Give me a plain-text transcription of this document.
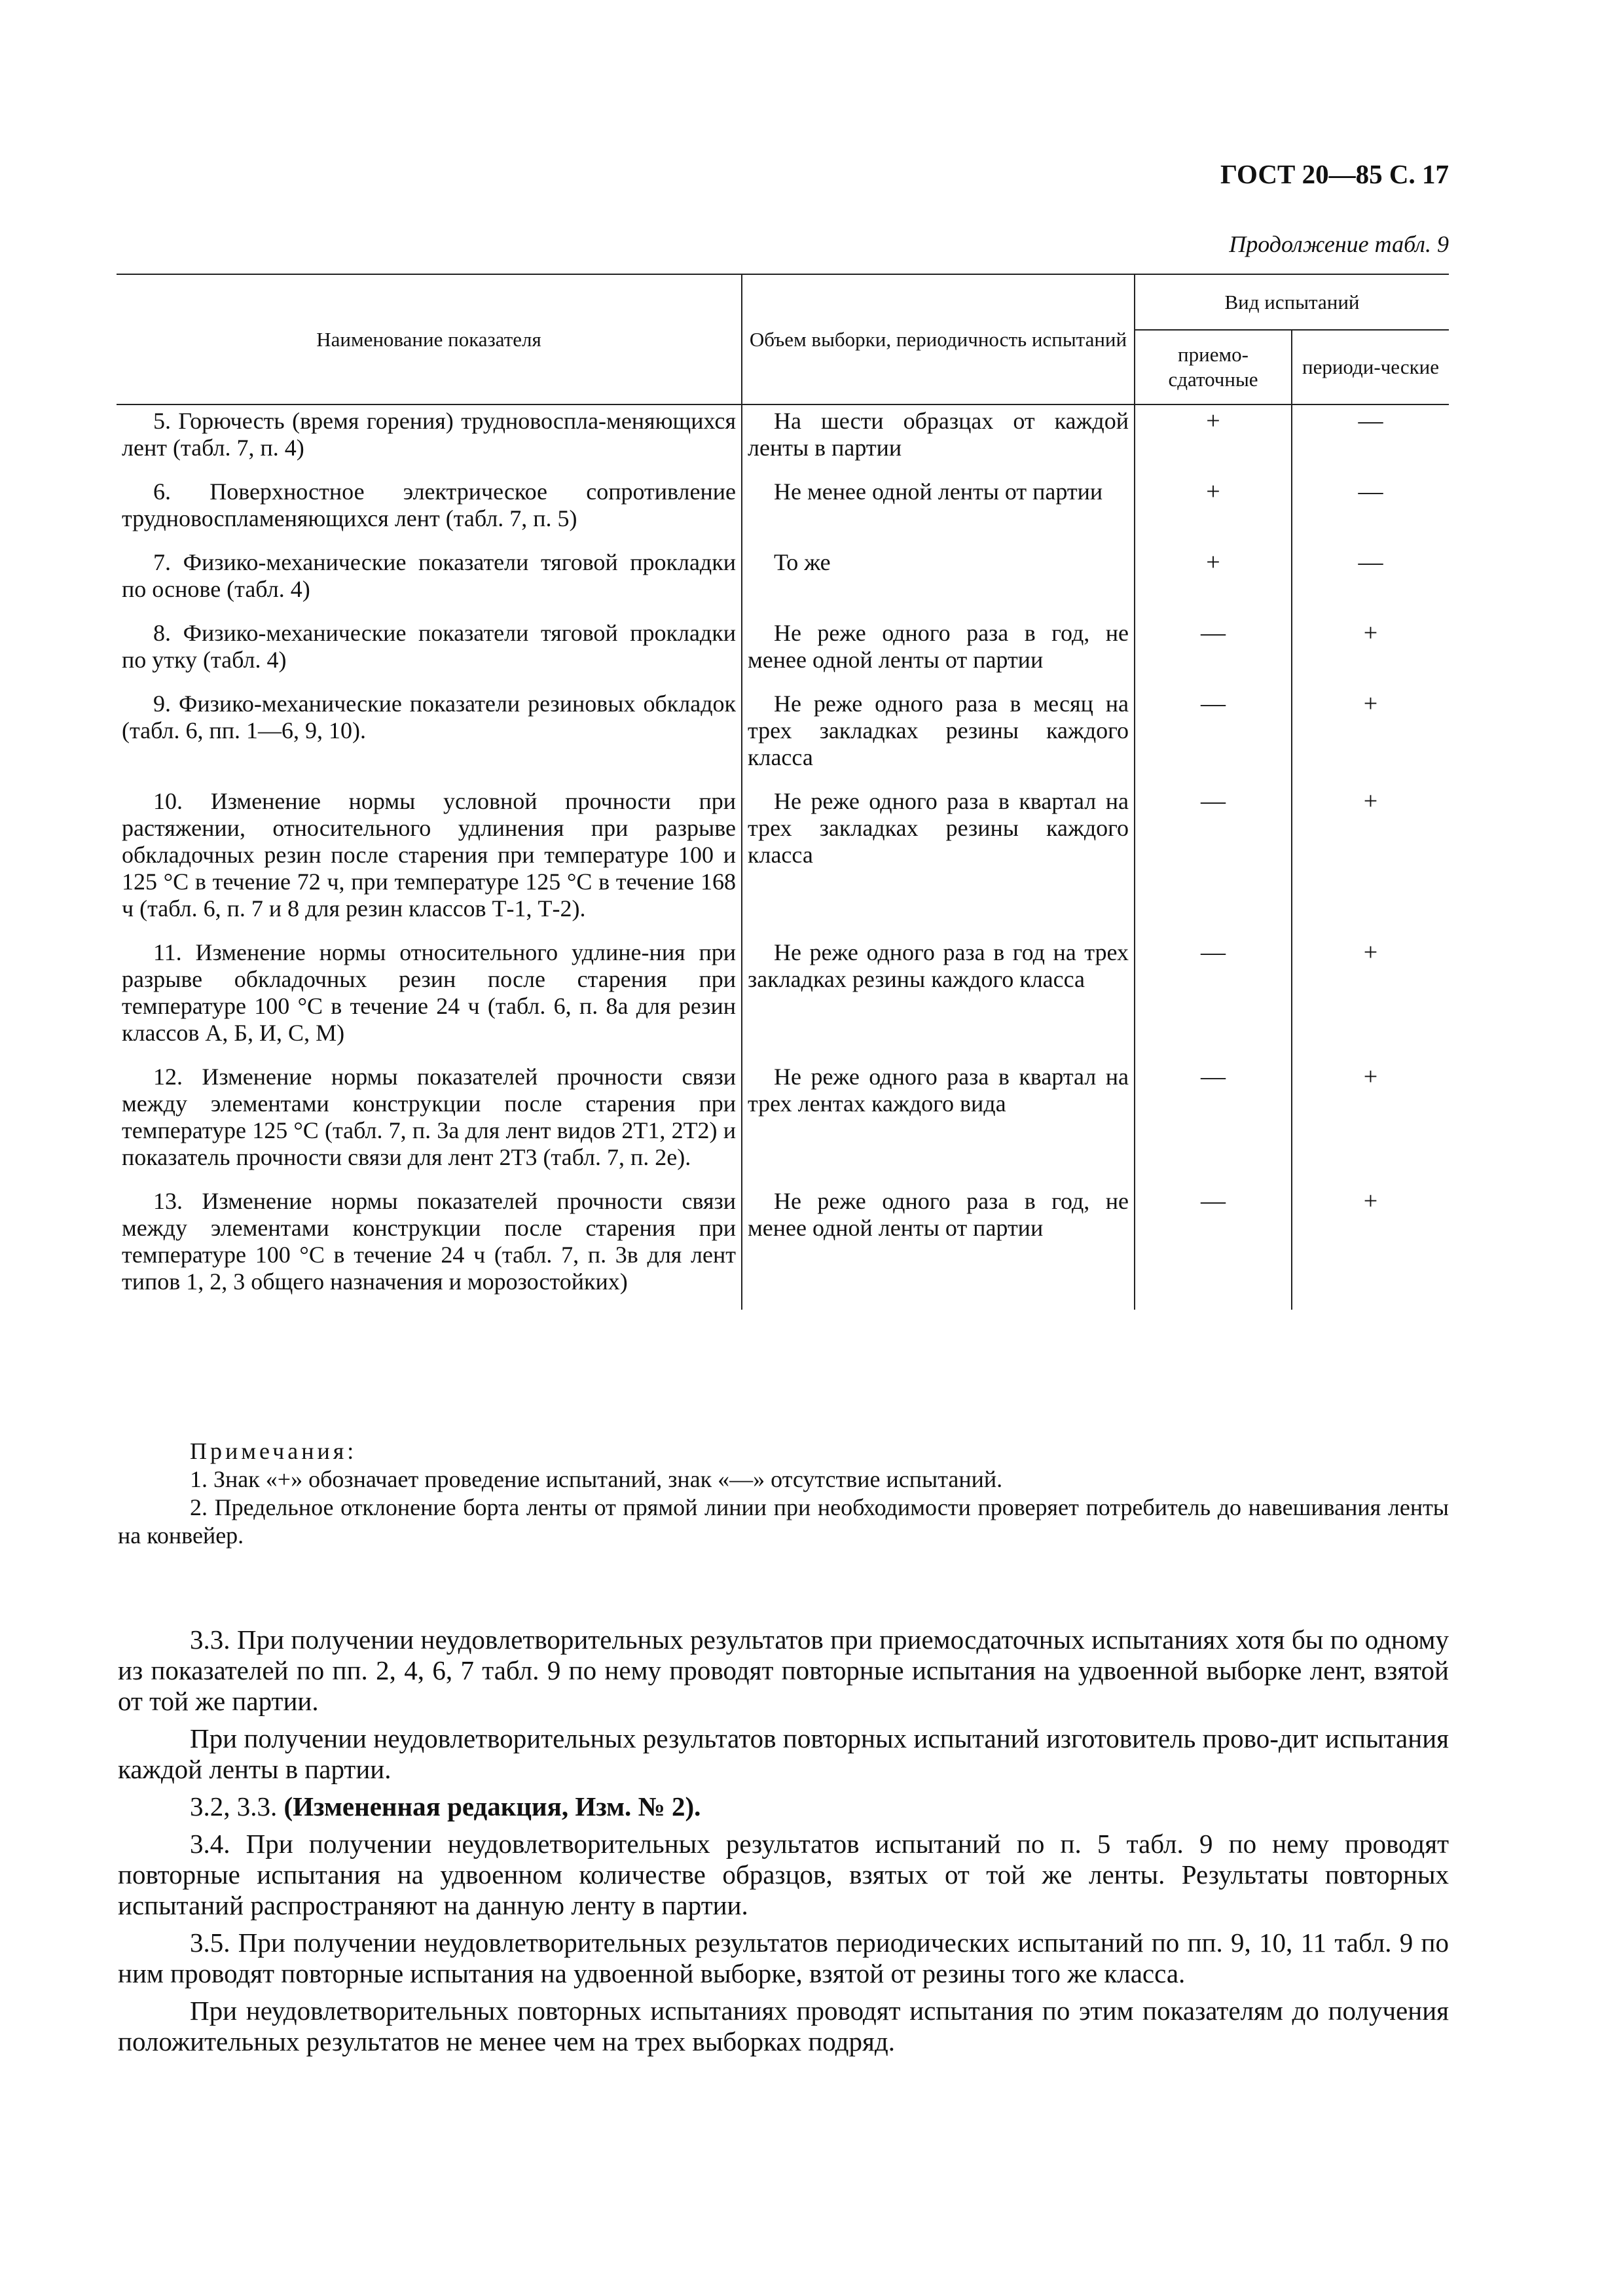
ГОСТ 20—85 С. 17
Продолжение табл. 9
Наименование показателя	Объем выборки, периодичность испытаний	Вид испытаний	
		приемо-сдаточные	периоди-ческие
5. Горючесть (время горения) трудновоспла-меняющихся лент (табл. 7, п. 4)	На шести образцах от каждой ленты в партии	+	—
6. Поверхностное электрическое сопротивление трудновоспламеняющихся лент (табл. 7, п. 5)	Не менее одной ленты от партии	+	—
7. Физико-механические показатели тяговой прокладки по основе (табл. 4)	То же	+	—
8. Физико-механические показатели тяговой прокладки по утку (табл. 4)	Не реже одного раза в год, не менее одной ленты от партии	—	+
9. Физико-механические показатели резиновых обкладок (табл. 6, пп. 1—6, 9, 10).	Не реже одного раза в месяц на трех закладках резины каждого класса	—	+
10. Изменение нормы условной прочности при растяжении, относительного удлинения при разрыве обкладочных резин после старения при температуре 100 и 125 °С в течение 72 ч, при температуре 125 °С в течение 168 ч (табл. 6, п. 7 и 8 для резин классов Т-1, Т-2).	Не реже одного раза в квартал на трех закладках резины каждого класса	—	+
11. Изменение нормы относительного удлине-ния при разрыве обкладочных резин после старения при температуре 100 °С в течение 24 ч (табл. 6, п. 8а для резин классов А, Б, И, С, М)	Не реже одного раза в год на трех закладках резины каждого класса	—	+
12. Изменение нормы показателей прочности связи между элементами конструкции после старения при температуре 125 °С (табл. 7, п. 3а для лент видов 2Т1, 2Т2) и показатель прочности связи для лент 2Т3 (табл. 7, п. 2е).	Не реже одного раза в квартал на трех лентах каждого вида	—	+
13. Изменение нормы показателей прочности связи между элементами конструкции после старения при температуре 100 °С в течение 24 ч (табл. 7, п. 3в для лент типов 1, 2, 3 общего назначения и морозостойких)	Не реже одного раза в год, не менее одной ленты от партии	—	+
Примечания:

1. Знак «+» обозначает проведение испытаний, знак «—» отсутствие испытаний.

2. Предельное отклонение борта ленты от прямой линии при необходимости проверяет потребитель до навешивания ленты на конвейер.

3.3. При получении неудовлетворительных результатов при приемосдаточных испытаниях хотя бы по одному из показателей по пп. 2, 4, 6, 7 табл. 9 по нему проводят повторные испытания на удвоенной выборке лент, взятой от той же партии.

При получении неудовлетворительных результатов повторных испытаний изготовитель прово-дит испытания каждой ленты в партии.

3.2, 3.3. (Измененная редакция, Изм. № 2).

3.4. При получении неудовлетворительных результатов испытаний по п. 5 табл. 9 по нему проводят повторные испытания на удвоенном количестве образцов, взятых от той же ленты. Результаты повторных испытаний распространяют на данную ленту в партии.

3.5. При получении неудовлетворительных результатов периодических испытаний по пп. 9, 10, 11 табл. 9 по ним проводят повторные испытания на удвоенной выборке, взятой от резины того же класса.

При неудовлетворительных повторных испытаниях проводят испытания по этим показателям до получения положительных результатов не менее чем на трех выборках подряд.
